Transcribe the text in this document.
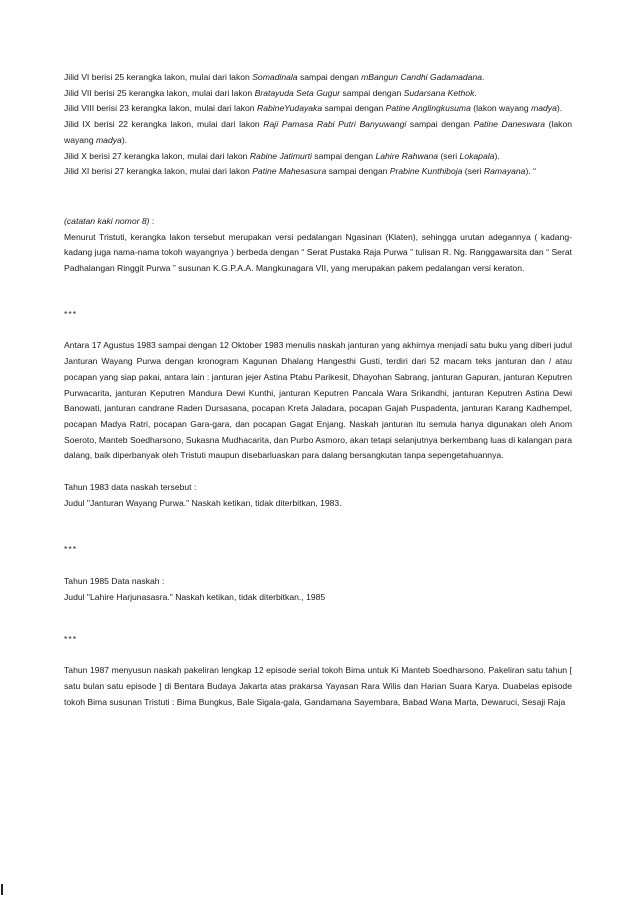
Jilid VI berisi 25 kerangka lakon, mulai dari lakon Somadinala sampai dengan mBangun Candhi Gadamadana.

Jilid VII berisi 25 kerangka lakon, mulai dari lakon Bratayuda Seta Gugur sampai dengan Sudarsana Kethok.

Jilid VIII berisi 23 kerangka lakon, mulai dari lakon RabineYudayaka sampai dengan Patine Anglingkusuma (lakon wayang madya).

Jilid IX berisi 22 kerangka lakon, mulai dari lakon Raji Pamasa Rabi Putri Banyuwangi sampai dengan Patine Daneswara (lakon wayang madya).

Jilid X berisi 27 kerangka lakon, mulai dari lakon Rabine Jatimurti sampai dengan Lahire Rahwana (seri Lokapala).

Jilid XI berisi 27 kerangka lakon, mulai dari lakon Patine Mahesasura sampai dengan Prabine Kunthiboja (seri Ramayana). “

(catatan kaki nomor 8) :

Menurut Tristuti, kerangka lakon tersebut merupakan versi pedalangan Ngasinan (Klaten), sehingga urutan adegannya ( kadang-kadang juga nama-nama tokoh wayangnya ) berbeda dengan “ Serat Pustaka Raja Purwa ” tulisan R. Ng. Ranggawarsita dan “ Serat Padhalangan Ringgit Purwa ” susunan K.G.P.A.A. Mangkunagara VII, yang merupakan pakem pedalangan versi keraton.

***

Antara 17 Agustus 1983 sampai dengan 12 Oktober 1983 menulis naskah janturan yang akhirnya menjadi satu buku yang diberi judul Janturan Wayang Purwa dengan kronogram Kagunan Dhalang Hangesthi Gusti, terdiri dari 52 macam teks janturan dan / atau pocapan yang siap pakai, antara lain : janturan jejer Astina Ptabu Parikesit, Dhayohan Sabrang, janturan Gapuran, janturan Keputren Purwacarita, janturan Keputren Mandura Dewi Kunthi, janturan Keputren Pancala Wara Srikandhi, janturan Keputren Astina Dewi Banowati, janturan candrane Raden Dursasana, pocapan Kreta Jaladara, pocapan Gajah Puspadenta, janturan Karang Kadhempel, pocapan Madya Ratri, pocapan Gara-gara, dan pocapan Gagat Enjang. Naskah janturan itu semula hanya digunakan oleh Anom Soeroto, Manteb Soedharsono, Sukasna Mudhacarita, dan Purbo Asmoro, akan tetapi selanjutnya berkembang luas di kalangan para dalang, baik diperbanyak oleh Tristuti maupun disebarluaskan para dalang bersangkutan tanpa sepengetahuannya.

Tahun 1983 data naskah tersebut :

Judul "Janturan Wayang Purwa." Naskah ketikan, tidak diterbitkan, 1983.

***

Tahun 1985 Data naskah :

Judul "Lahire Harjunasasra." Naskah ketikan, tidak diterbitkan., 1985

***

Tahun 1987 menyusun naskah pakeliran lengkap 12 episode serial tokoh Bima untuk Ki Manteb Soedharsono. Pakeliran satu tahun [ satu bulan satu episode ] di Bentara Budaya Jakarta atas prakarsa Yayasan Rara Wilis dan Harian Suara Karya. Duabelas episode tokoh Bima susunan Tristuti : Bima Bungkus, Bale Sigala-gala, Gandamana Sayembara, Babad Wana Marta, Dewaruci, Sesaji Raja
